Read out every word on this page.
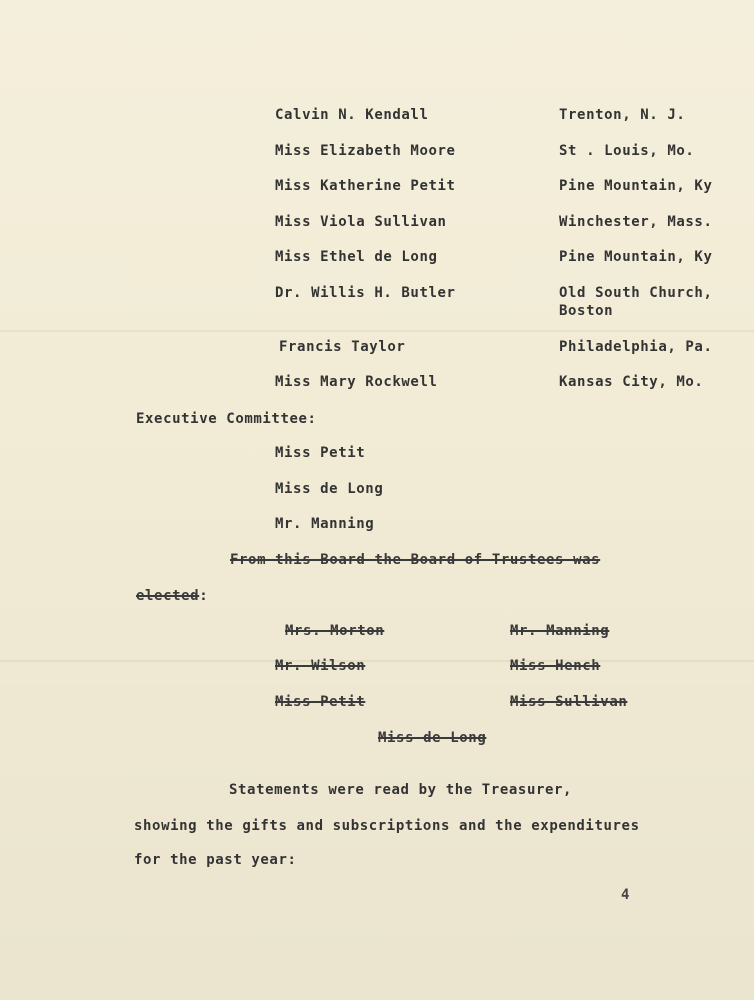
Calvin N. Kendall	Trenton, N. J.
Miss Elizabeth Moore	St . Louis, Mo.
Miss Katherine Petit	Pine Mountain, Ky
Miss Viola Sullivan	Winchester, Mass.
Miss Ethel de Long	Pine Mountain, Ky
Dr. Willis H. Butler	Old South Church,
Boston
Francis Taylor	Philadelphia, Pa.
Miss Mary Rockwell	Kansas City, Mo.
Executive Committee:
Miss Petit
Miss de Long
Mr. Manning
From this Board the Board of Trustees was
elected:
Mrs. Morton	Mr. Manning
Mr. Wilson	Miss Hench
Miss Petit	Miss Sullivan
Miss de Long
Statements were read by the Treasurer,
showing the gifts and subscriptions and the expenditures
for the past year:
4
